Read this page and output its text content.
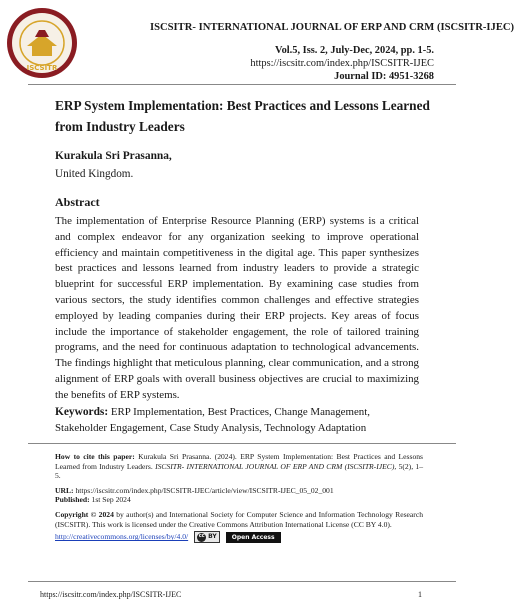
ISCSITR
ISCSITR- INTERNATIONAL JOURNAL OF ERP AND CRM (ISCSITR-IJEC)
Vol.5, Iss. 2, July-Dec, 2024, pp. 1-5.
https://iscsitr.com/index.php/ISCSITR-IJEC
Journal ID: 4951-3268
ERP System Implementation: Best Practices and Lessons Learned from Industry Leaders
Kurakula Sri Prasanna,
United Kingdom.
Abstract
The implementation of Enterprise Resource Planning (ERP) systems is a critical and complex endeavor for any organization seeking to improve operational efficiency and maintain competitiveness in the digital age. This paper synthesizes best practices and lessons learned from industry leaders to provide a strategic blueprint for successful ERP implementation. By examining case studies from various sectors, the study identifies common challenges and effective strategies employed by leading companies during their ERP projects. Key areas of focus include the importance of stakeholder engagement, the role of tailored training programs, and the need for continuous adaptation to technological advancements. The findings highlight that meticulous planning, clear communication, and a strong alignment of ERP goals with overall business objectives are crucial to maximizing the benefits of ERP systems.
Keywords: ERP Implementation, Best Practices, Change Management, Stakeholder Engagement, Case Study Analysis, Technology Adaptation

How to cite this paper: Kurakula Sri Prasanna. (2024). ERP System Implementation: Best Practices and Lessons Learned from Industry Leaders. ISCSITR- INTERNATIONAL JOURNAL OF ERP AND CRM (ISCSITR-IJEC), 5(2), 1–5.

URL: https://iscsitr.com/index.php/ISCSITR-IJEC/article/view/ISCSITR-IJEC_05_02_001

Published: 1st Sep 2024

Copyright © 2024 by author(s) and International Society for Computer Science and Information Technology Research (ISCSITR). This work is licensed under the Creative Commons Attribution International License (CC BY 4.0).

http://creativecommons.org/licenses/by/4.0/	cc BY	Open Access
https://iscsitr.com/index.php/ISCSITR-IJEC	1
